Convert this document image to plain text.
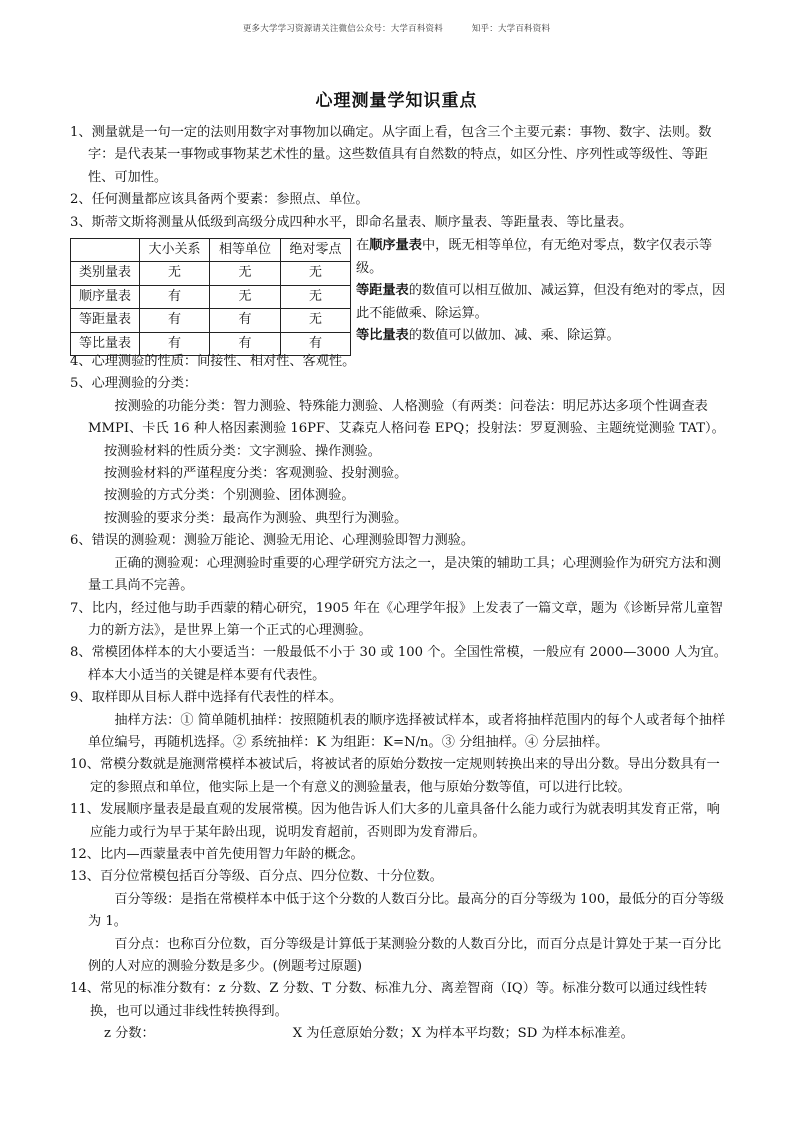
更多大学学习资源请关注微信公众号：大学百科资料	知乎：大学百科资料
心理测量学知识重点

1、测量就是一句一定的法则用数字对事物加以确定。从字面上看，包含三个主要元素：事物、数字、法则。数字：是代表某一事物或事物某艺术性的量。这些数值具有自然数的特点，如区分性、序列性或等级性、等距性、可加性。

2、任何测量都应该具备两个要素：参照点、单位。

3、斯蒂文斯将测量从低级到高级分成四种水平，即命名量表、顺序量表、等距量表、等比量表。

	大小关系	相等单位	绝对零点
类别量表	无	无	无
顺序量表	有	无	无
等距量表	有	有	无
等比量表	有	有	有
在顺序量表中，既无相等单位，有无绝对零点，数字仅表示等级。
等距量表的数值可以相互做加、减运算，但没有绝对的零点，因此不能做乘、除运算。
等比量表的数值可以做加、减、乘、除运算。

4、心理测验的性质：间接性、相对性、客观性。

5、心理测验的分类：

按测验的功能分类：智力测验、特殊能力测验、人格测验（有两类：问卷法：明尼苏达多项个性调查表 MMPI、卡氏 16 种人格因素测验 16PF、艾森克人格问卷 EPQ；投射法：罗夏测验、主题统觉测验 TAT）。

按测验材料的性质分类：文字测验、操作测验。

按测验材料的严谨程度分类：客观测验、投射测验。

按测验的方式分类：个别测验、团体测验。

按测验的要求分类：最高作为测验、典型行为测验。

6、错误的测验观：测验万能论、测验无用论、心理测验即智力测验。

正确的测验观：心理测验时重要的心理学研究方法之一，是决策的辅助工具；心理测验作为研究方法和测量工具尚不完善。

7、比内，经过他与助手西蒙的精心研究，1905 年在《心理学年报》上发表了一篇文章，题为《诊断异常儿童智力的新方法》，是世界上第一个正式的心理测验。

8、常模团体样本的大小要适当：一般最低不小于 30 或 100 个。全国性常模，一般应有 2000—3000 人为宜。样本大小适当的关键是样本要有代表性。

9、取样即从目标人群中选择有代表性的样本。

抽样方法：① 简单随机抽样：按照随机表的顺序选择被试样本，或者将抽样范围内的每个人或者每个抽样单位编号，再随机选择。② 系统抽样：K 为组距：K=N/n。③ 分组抽样。④ 分层抽样。

10、常模分数就是施测常模样本被试后，将被试者的原始分数按一定规则转换出来的导出分数。导出分数具有一定的参照点和单位，他实际上是一个有意义的测验量表，他与原始分数等值，可以进行比较。

11、发展顺序量表是最直观的发展常模。因为他告诉人们大多的儿童具备什么能力或行为就表明其发育正常，响应能力或行为早于某年龄出现，说明发育超前，否则即为发育滞后。

12、比内—西蒙量表中首先使用智力年龄的概念。

13、百分位常模包括百分等级、百分点、四分位数、十分位数。

百分等级：是指在常模样本中低于这个分数的人数百分比。最高分的百分等级为 100，最低分的百分等级为 1。

百分点：也称百分位数，百分等级是计算低于某测验分数的人数百分比，而百分点是计算处于某一百分比例的人对应的测验分数是多少。(例题考过原题)

14、常见的标准分数有：z 分数、Z 分数、T 分数、标准九分、离差智商（IQ）等。标准分数可以通过线性转换，也可以通过非线性转换得到。

z 分数：	X 为任意原始分数；X 为样本平均数；SD 为样本标准差。
